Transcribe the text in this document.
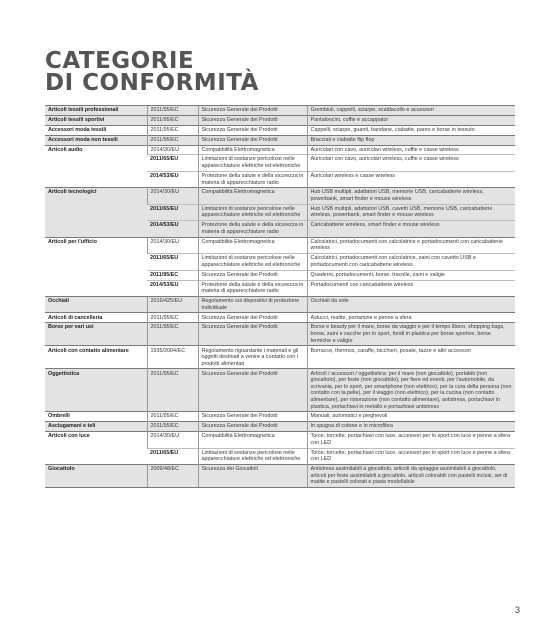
CATEGORIE
DI CONFORMITÀ
Articoli tessili professionali	2011/95/EC	Sicurezza Generale dei Prodotti	Grembiuli, cappelli, sciarpe, scaldacollo e accessori
Articoli tessili sportivi	2011/95/EC	Sicurezza Generale dei Prodotti	Pantaloncini, cuffie e accappatoi
Accessori moda tessili	2011/95/EC	Sicurezza Generale dei Prodotti	Cappelli, sciarpe, guanti, bandane, ciabatte, pareo e borse in tessuto
Accessori moda non tessili	2011/95/EC	Sicurezza Generale dei Prodotti	Bracciali e ciabatte flip flop
Articoli audio	2014/30/EU	Compatibilità Elettromagnetica	Auricolari con cavo, auricolari wireless, cuffie e casse wireless
	2011/65/EU	Limitazioni di sostanze pericolose nelle apparecchiature elettriche ed elettroniche	Auricolari con cavo, auricolari wireless, cuffie e casse wireless
	2014/53/EU	Protezione della salute e della sicurezza in materia di apparecchiature radio	Auricolari wireless e casse wireless
Articoli tecnologici	2014/30/EU	Compatibilità Elettromagnetica	Hub USB multipli, adattatori USB, memorie USB, caricabatterie wireless, powerbank, smart finder e mouse wireless
	2011/65/EU	Limitazioni di sostanze pericolose nelle apparecchiature elettriche ed elettroniche	Hub USB multipli, adattatori USB, cavetti USB, memorie USB, caricabatterie wireless, powerbank, smart finder e mouse wireless
	2014/53/EU	Protezione della salute e della sicurezza in materia di apparecchiature radio	Caricabatterie wireless, smart finder e mouse wireless
Articoli per l'ufficio	2014/30/EU	Compatibilità Elettromagnetica	Calcolatrici, portadocumenti con calcolatrice e portadocumenti con caricabatterie wireless
	2011/65/EU	Limitazioni di sostanze pericolose nelle apparecchiature elettriche ed elettroniche	Calcolatrici, portadocumenti con calcolatrice, zaini con cavetto USB e portadocumenti con caricabatterie wireless
	2011/95/EC	Sicurezza Generale dei Prodotti	Quaderni, portadocumenti, borse, tracolle, zaini e valigie
	2014/53/EU	Protezione della salute e della sicurezza in materia di apparecchiature radio	Portadocumenti con caricabatterie wireless
Occhiali	2016/425/EU	Regolamento sui dispositivi di protezione individuale	Occhiali da sole
Articoli di cancelleria	2011/95/EC	Sicurezza Generale dei Prodotti	Astucci, matite, portamine e penne a sfera
Borse per vari usi	2011/95/EC	Sicurezza Generale dei Prodotti	Borse e beauty per il mare, borse da viaggio e per il tempo libero, shopping bags, borse, zaini e sacche per lo sport, fondi in plastica per borse sportive, borse termiche e valigie
Articoli con contatto alimentare	1935/2004/EC	Regolamento riguardante i materiali e gli oggetti destinati a venire a contatto con i prodotti alimentari	Borracce, thermos, caraffe, bicchieri, posate, tazze e altri accessori
Oggettistica	2011/95/EC	Sicurezza Generale dei Prodotti	Articoli / accessori / oggettistica: per il mare (non giocattolo), portabiti (non giocattolo), per feste (non giocattolo), per fiere ed eventi, per l'automobile, da scrivania, per lo sport, per smartphone (non elettrico), per la cura della persona (non contatto con la pelle), per il viaggio (non elettrico), per la cucina (non contatto alimentare), per ristorazione (non contatto alimentare), antistress, portachiavi in plastica, portachiavi in metallo e portachiavi antistress
Ombrelli	2011/95/EC	Sicurezza Generale dei Prodotti	Manuali, automatici e pieghevoli
Asciugamani e teli	2011/95/EC	Sicurezza Generale dei Prodotti	In spugna di cotone e in microfibra
Articoli con luce	2014/30/EU	Compatibilità Elettromagnetica	Torce, torcette, portachiavi con luce, accessori per lo sport con luce e penne a sfera con LED
	2011/65/EU	Limitazioni di sostanze pericolose nelle apparecchiature elettriche ed elettroniche	Torce, torcette, portachiavi con luce, accessori per lo sport con luce e penne a sfera con LED
Giocattolo	2009/48/EC	Sicurezza dei Giocattoli	Antistress assimilabili a giocattolo, articoli da spiaggia assimilabili a giocattolo, articoli per feste assimilabili a giocattolo, articoli colorabili con pastelli inclusi, set di matite e pastelli colorati e pasta modellabile
3
